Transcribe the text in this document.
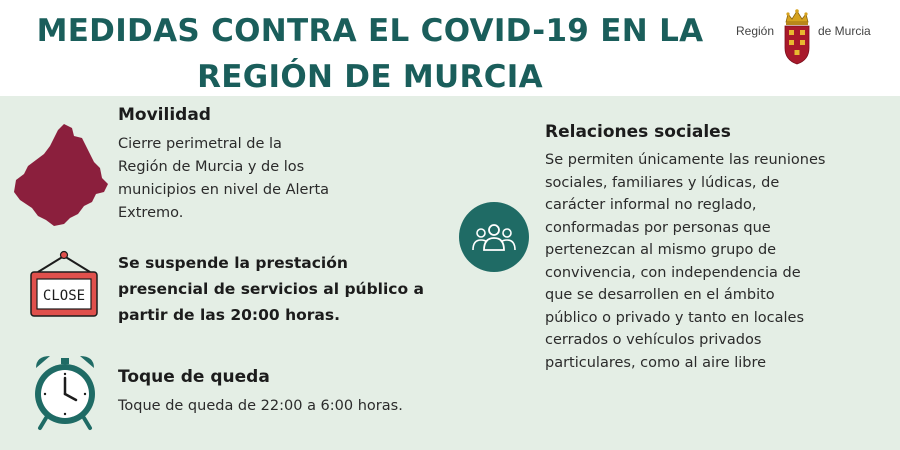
MEDIDAS CONTRA EL COVID-19 EN LA
REGIÓN DE MURCIA
Región	de Murcia
Movilidad

Cierre perimetral de la
Región de Murcia y de los
municipios en nivel de Alerta
Extremo.

CLOSE

Se suspende la prestación
presencial de servicios al público a
partir de las 20:00 horas.

Toque de queda

Toque de queda de 22:00 a 6:00 horas.

Relaciones sociales

Se permiten únicamente las reuniones
sociales, familiares y lúdicas, de
carácter informal no reglado,
conformadas por personas que
pertenezcan al mismo grupo de
convivencia, con independencia de
que se desarrollen en el ámbito
público o privado y tanto en locales
cerrados o vehículos privados
particulares, como al aire libre
